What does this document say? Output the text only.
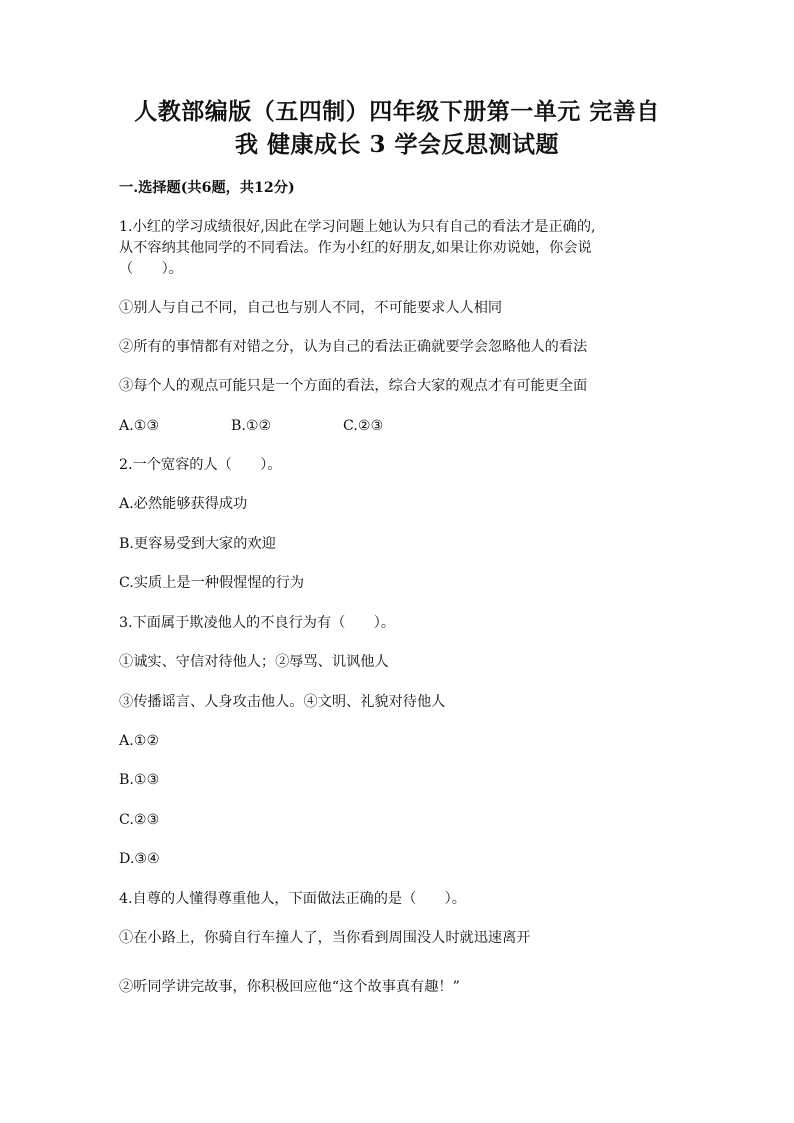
人教部编版（五四制）四年级下册第一单元 完善自
我 健康成长 3 学会反思测试题
一.选择题(共6题，共12分)
1.小红的学习成绩很好,因此在学习问题上她认为只有自己的看法才是正确的,
从不容纳其他同学的不同看法。作为小红的好朋友,如果让你劝说她，你会说
（　　）。
①别人与自己不同，自己也与别人不同，不可能要求人人相同
②所有的事情都有对错之分，认为自己的看法正确就要学会忽略他人的看法
③每个人的观点可能只是一个方面的看法，综合大家的观点才有可能更全面
A.①③	B.①②	C.②③
2.一个宽容的人（　　）。
A.必然能够获得成功
B.更容易受到大家的欢迎
C.实质上是一种假惺惺的行为
3.下面属于欺凌他人的不良行为有（　　）。
①诚实、守信对待他人；②辱骂、讥讽他人
③传播谣言、人身攻击他人。④文明、礼貌对待他人
A.①②
B.①③
C.②③
D.③④
4.自尊的人懂得尊重他人，下面做法正确的是（　　）。
①在小路上，你骑自行车撞人了，当你看到周围没人时就迅速离开
②听同学讲完故事，你积极回应他“这个故事真有趣！”
